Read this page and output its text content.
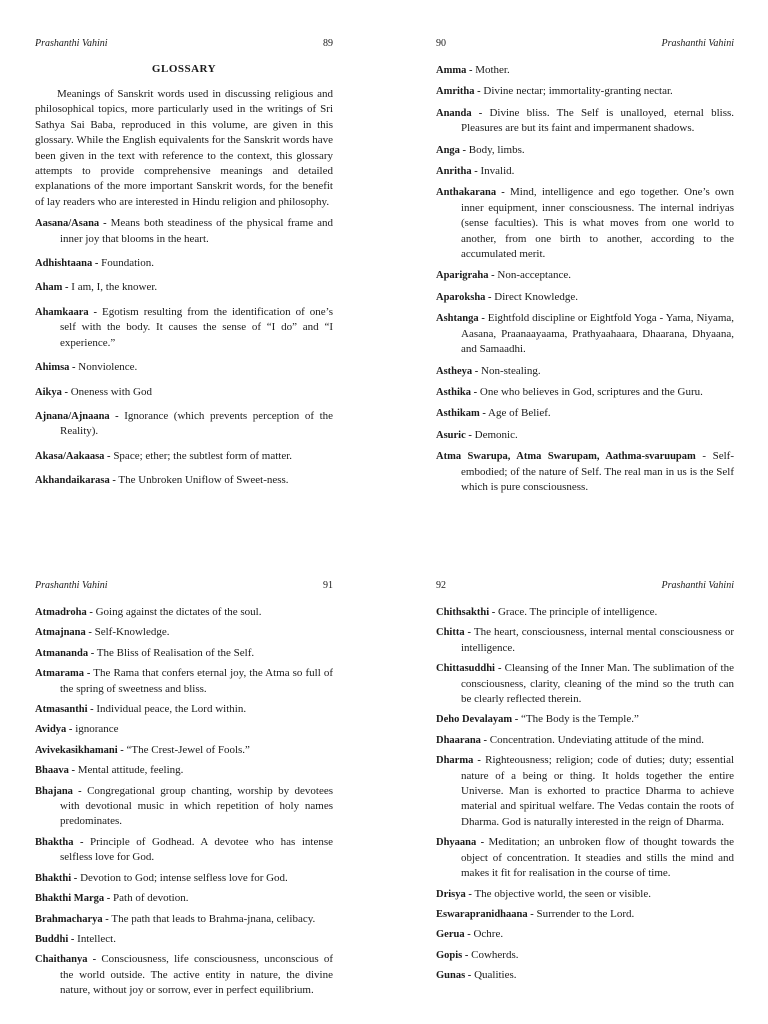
Prashanthi Vahini	89
GLOSSARY

Meanings of Sanskrit words used in discussing religious and philosophical topics, more particularly used in the writings of Sri Sathya Sai Baba, reproduced in this volume, are given in this glossary. While the English equivalents for the Sanskrit words have been given in the text with reference to the context, this glossary attempts to provide comprehensive meanings and detailed explanations of the more important Sanskrit words, for the benefit of lay readers who are interested in Hindu religion and philosophy.

Aasana/Asana - Means both steadiness of the physical frame and inner joy that blooms in the heart.
Adhishtaana - Foundation.
Aham - I am, I, the knower.
Ahamkaara - Egotism resulting from the identification of one’s self with the body. It causes the sense of “I do” and “I experience.”
Ahimsa - Nonviolence.
Aikya - Oneness with God
Ajnana/Ajnaana - Ignorance (which prevents perception of the Reality).
Akasa/Aakaasa - Space; ether; the subtlest form of matter.
Akhandaikarasa - The Unbroken Uniflow of Sweet-ness.
90	Prashanthi Vahini
Amma - Mother.
Amritha - Divine nectar; immortality-granting nectar.
Ananda - Divine bliss. The Self is unalloyed, eternal bliss. Pleasures are but its faint and impermanent shadows.
Anga - Body, limbs.
Anritha - Invalid.
Anthakarana - Mind, intelligence and ego together. One’s own inner equipment, inner consciousness. The internal indriyas (sense faculties). This is what moves from one world to another, from one birth to another, according to the accumulated merit.
Aparigraha - Non-acceptance.
Aparoksha - Direct Knowledge.
Ashtanga - Eightfold discipline or Eightfold Yoga - Yama, Niyama, Aasana, Praanaayaama, Prathyaahaara, Dhaarana, Dhyaana, and Samaadhi.
Astheya - Non-stealing.
Asthika - One who believes in God, scriptures and the Guru.
Asthikam - Age of Belief.
Asuric - Demonic.
Atma Swarupa, Atma Swarupam, Aathma-svaruupam - Self-embodied; of the nature of Self. The real man in us is the Self which is pure consciousness.
Prashanthi Vahini	91
Atmadroha - Going against the dictates of the soul.
Atmajnana - Self-Knowledge.
Atmananda - The Bliss of Realisation of the Self.
Atmarama - The Rama that confers eternal joy, the Atma so full of the spring of sweetness and bliss.
Atmasanthi - Individual peace, the Lord within.
Avidya - ignorance
Avivekasikhamani - “The Crest-Jewel of Fools.”
Bhaava - Mental attitude, feeling.
Bhajana - Congregational group chanting, worship by devotees with devotional music in which repetition of holy names predominates.
Bhaktha - Principle of Godhead. A devotee who has intense selfless love for God.
Bhakthi - Devotion to God; intense selfless love for God.
Bhakthi Marga - Path of devotion.
Brahmacharya - The path that leads to Brahma-jnana, celibacy.
Buddhi - Intellect.
Chaithanya - Consciousness, life consciousness, unconscious of the world outside. The active entity in nature, the divine nature, without joy or sorrow, ever in perfect equilibrium.
92	Prashanthi Vahini
Chithsakthi - Grace. The principle of intelligence.
Chitta - The heart, consciousness, internal mental consciousness or intelligence.
Chittasuddhi - Cleansing of the Inner Man. The sublimation of the consciousness, clarity, cleaning of the mind so the truth can be clearly reflected therein.
Deho Devalayam - “The Body is the Temple.”
Dhaarana - Concentration. Undeviating attitude of the mind.
Dharma - Righteousness; religion; code of duties; duty; essential nature of a being or thing. It holds together the entire Universe. Man is exhorted to practice Dharma to achieve material and spiritual welfare. The Vedas contain the roots of Dharma. God is naturally interested in the reign of Dharma.
Dhyaana - Meditation; an unbroken flow of thought towards the object of concentration. It steadies and stills the mind and makes it fit for realisation in the course of time.
Drisya - The objective world, the seen or visible.
Eswarapranidhaana - Surrender to the Lord.
Gerua - Ochre.
Gopis - Cowherds.
Gunas - Qualities.
